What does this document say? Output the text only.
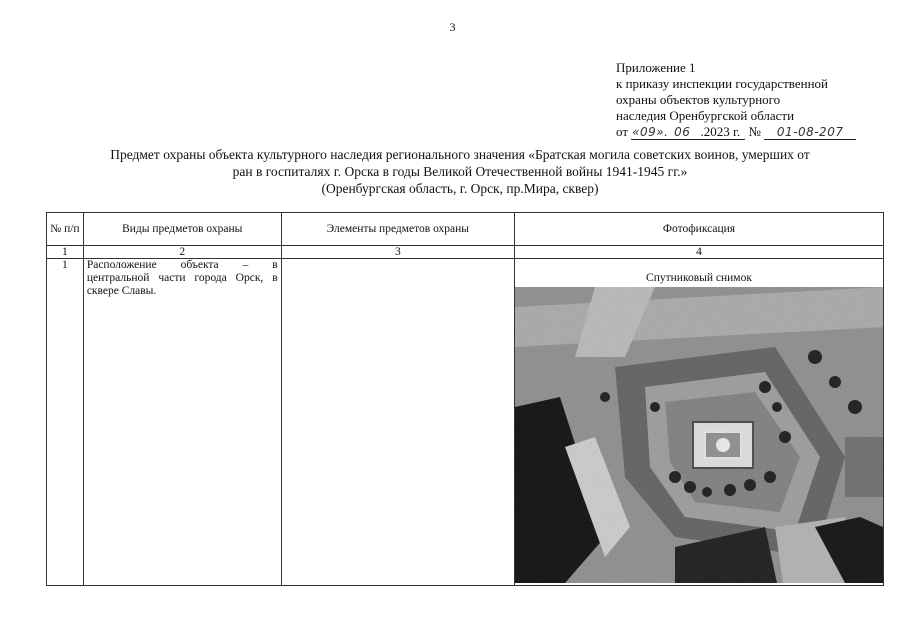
3
Приложение 1
к приказу инспекции государственной
охраны объектов культурного
наследия Оренбургской области
от «09». 06 .2023 г. № 01-08-207
Предмет охраны объекта культурного наследия регионального значения «Братская могила советских воинов, умерших от
ран в госпиталях г. Орска в годы Великой Отечественной войны 1941-1945 гг.»
(Оренбургская область, г. Орск, пр.Мира, сквер)
№ п/п	Виды предметов охраны	Элементы предметов охраны	Фотофиксация
1	2	3	4
1	Расположение объекта – в центральной части города Орск, в сквере Славы.		Спутниковый снимок
